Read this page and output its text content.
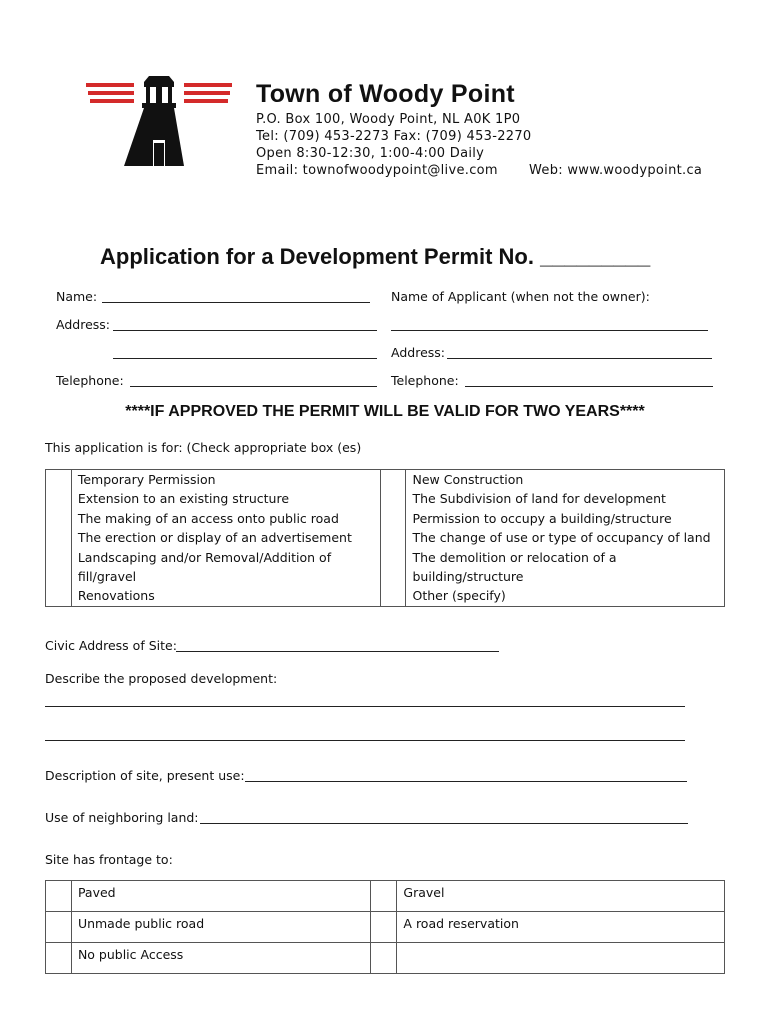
Town of Woody Point
P.O. Box 100, Woody Point, NL A0K 1P0
Tel: (709) 453-2273 Fax: (709) 453-2270
Open 8:30-12:30, 1:00-4:00 Daily
Email: townofwoodypoint@live.com Web: www.woodypoint.ca
Application for a Development Permit No. _________
Name:	Name of Applicant (when not the owner):
Address:
Address:
Telephone:	Telephone:
****IF APPROVED THE PERMIT WILL BE VALID FOR TWO YEARS****
This application is for: (Check appropriate box (es)

Temporary Permission
Extension to an existing structure
The making of an access onto public road
The erection or display of an advertisement
Landscaping and/or Removal/Addition of fill/gravel
Renovations

New Construction
The Subdivision of land for development
Permission to occupy a building/structure
The change of use or type of occupancy of land
The demolition or relocation of a building/structure
Other (specify)
Civic Address of Site:
Describe the proposed development:
Description of site, present use:
Use of neighboring land:
Site has frontage to:
	Paved		Gravel
	Unmade public road		A road reservation
	No public Access		
